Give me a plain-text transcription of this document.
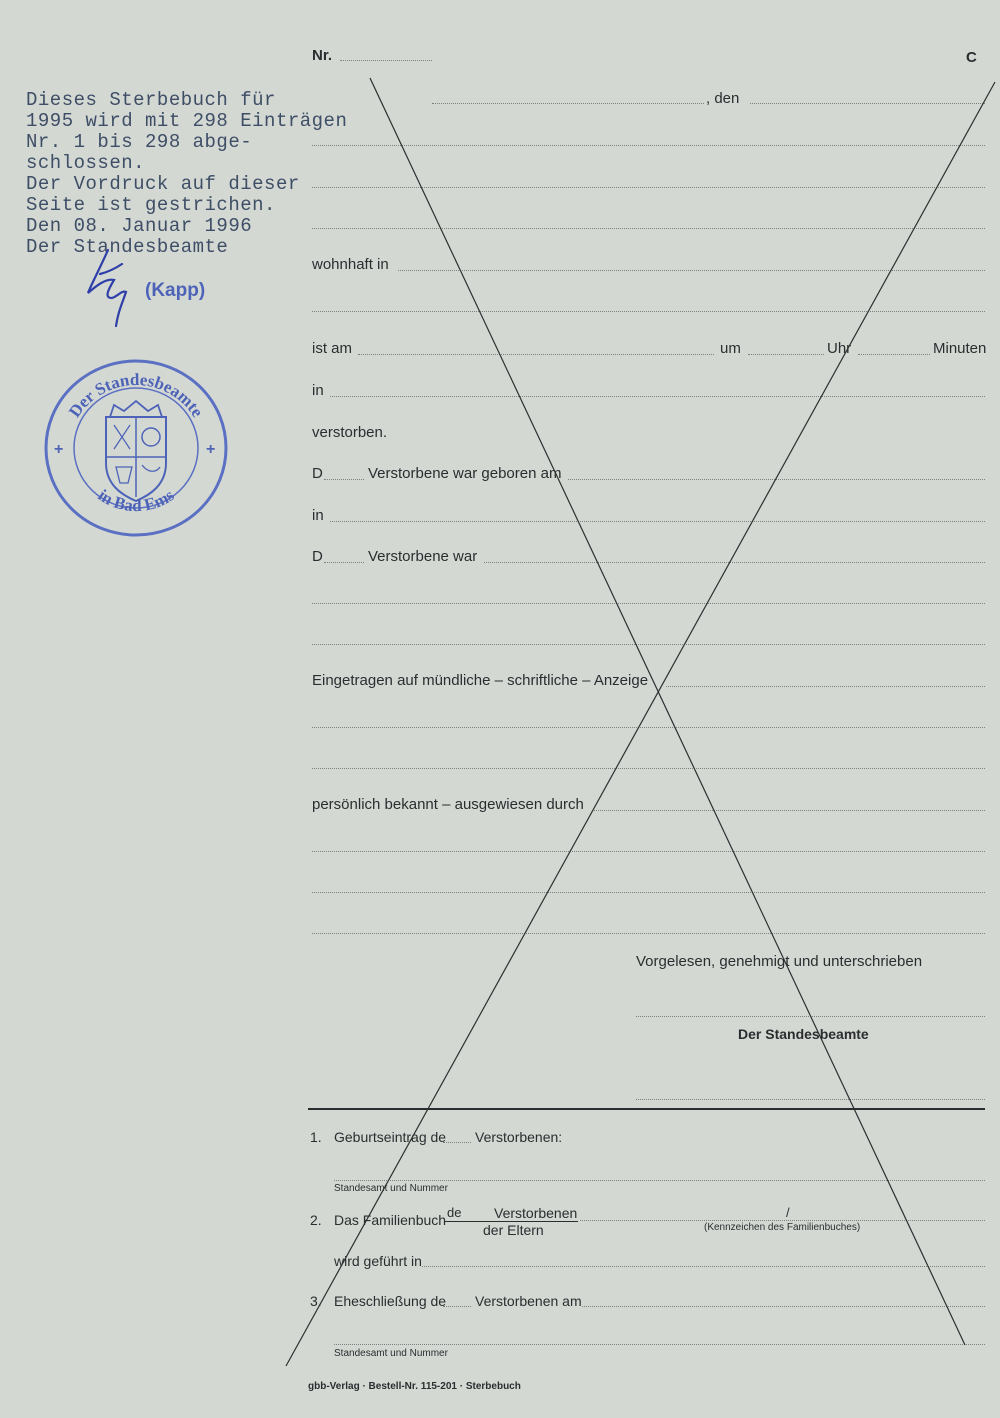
Nr.	C
, den
Dieses Sterbebuch für
1995 wird mit 298 Einträgen
Nr. 1 bis 298 abge-
schlossen.
Der Vordruck auf dieser
Seite ist gestrichen.
Den 08. Januar 1996
Der Standesbeamte
(Kapp)
Der Standesbeamte
in Bad Ems
+	+
wohnhaft in
ist am	um	Uhr	Minuten
in
verstorben.
D	Verstorbene war geboren am
in
D	Verstorbene war
Eingetragen auf mündliche – schriftliche – Anzeige
persönlich bekannt – ausgewiesen durch
Vorgelesen, genehmigt und unterschrieben
Der Standesbeamte
1. Geburtseintrag de Verstorbenen:
Standesamt und Nummer
2. Das Familienbuch de Verstorbenen
der Eltern
/
(Kennzeichen des Familienbuches)
wird geführt in
3. Eheschließung de Verstorbenen am
Standesamt und Nummer
gbb-Verlag · Bestell-Nr. 115-201 · Sterbebuch
